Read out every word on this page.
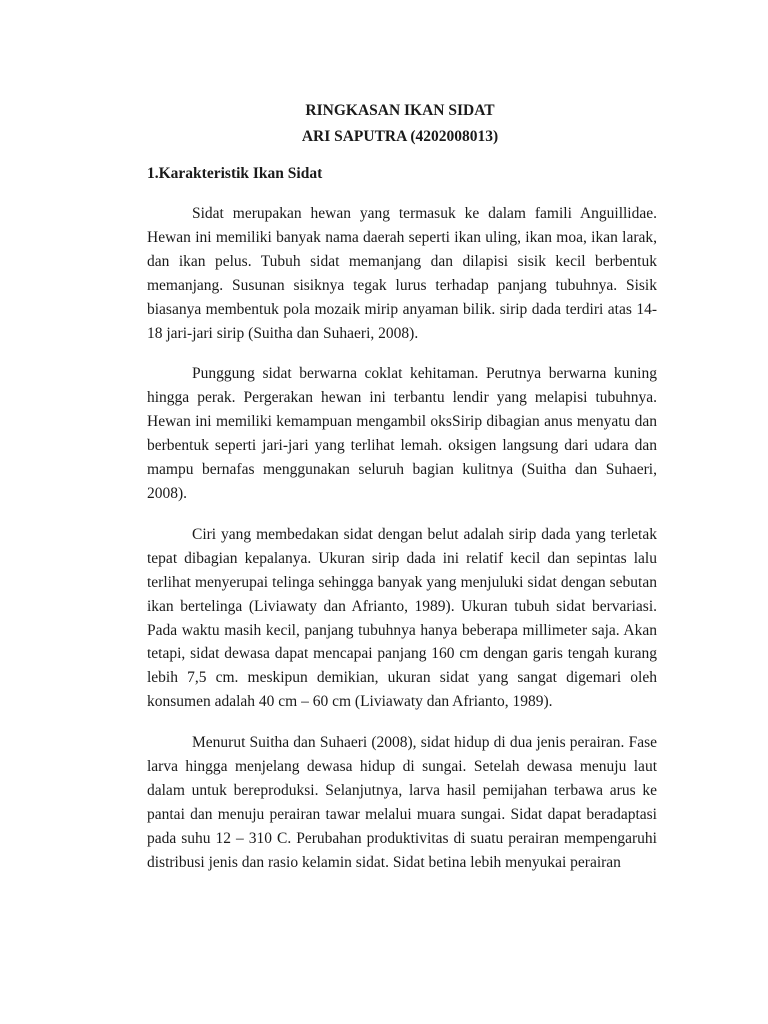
RINGKASAN IKAN SIDAT
ARI SAPUTRA (4202008013)
1.Karakteristik Ikan Sidat

Sidat merupakan hewan yang termasuk ke dalam famili Anguillidae. Hewan ini memiliki banyak nama daerah seperti ikan uling, ikan moa, ikan larak, dan ikan pelus. Tubuh sidat memanjang dan dilapisi sisik kecil berbentuk memanjang. Susunan sisiknya tegak lurus terhadap panjang tubuhnya. Sisik biasanya membentuk pola mozaik mirip anyaman bilik. sirip dada terdiri atas 14-18 jari-jari sirip (Suitha dan Suhaeri, 2008).

Punggung sidat berwarna coklat kehitaman. Perutnya berwarna kuning hingga perak. Pergerakan hewan ini terbantu lendir yang melapisi tubuhnya. Hewan ini memiliki kemampuan mengambil oksSirip dibagian anus menyatu dan berbentuk seperti jari-jari yang terlihat lemah. oksigen langsung dari udara dan mampu bernafas menggunakan seluruh bagian kulitnya (Suitha dan Suhaeri, 2008).

Ciri yang membedakan sidat dengan belut adalah sirip dada yang terletak tepat dibagian kepalanya. Ukuran sirip dada ini relatif kecil dan sepintas lalu terlihat menyerupai telinga sehingga banyak yang menjuluki sidat dengan sebutan ikan bertelinga (Liviawaty dan Afrianto, 1989). Ukuran tubuh sidat bervariasi. Pada waktu masih kecil, panjang tubuhnya hanya beberapa millimeter saja. Akan tetapi, sidat dewasa dapat mencapai panjang 160 cm dengan garis tengah kurang lebih 7,5 cm. meskipun demikian, ukuran sidat yang sangat digemari oleh konsumen adalah 40 cm – 60 cm (Liviawaty dan Afrianto, 1989).

Menurut Suitha dan Suhaeri (2008), sidat hidup di dua jenis perairan. Fase larva hingga menjelang dewasa hidup di sungai. Setelah dewasa menuju laut dalam untuk bereproduksi. Selanjutnya, larva hasil pemijahan terbawa arus ke pantai dan menuju perairan tawar melalui muara sungai. Sidat dapat beradaptasi pada suhu 12 – 310 C. Perubahan produktivitas di suatu perairan mempengaruhi distribusi jenis dan rasio kelamin sidat. Sidat betina lebih menyukai perairan
